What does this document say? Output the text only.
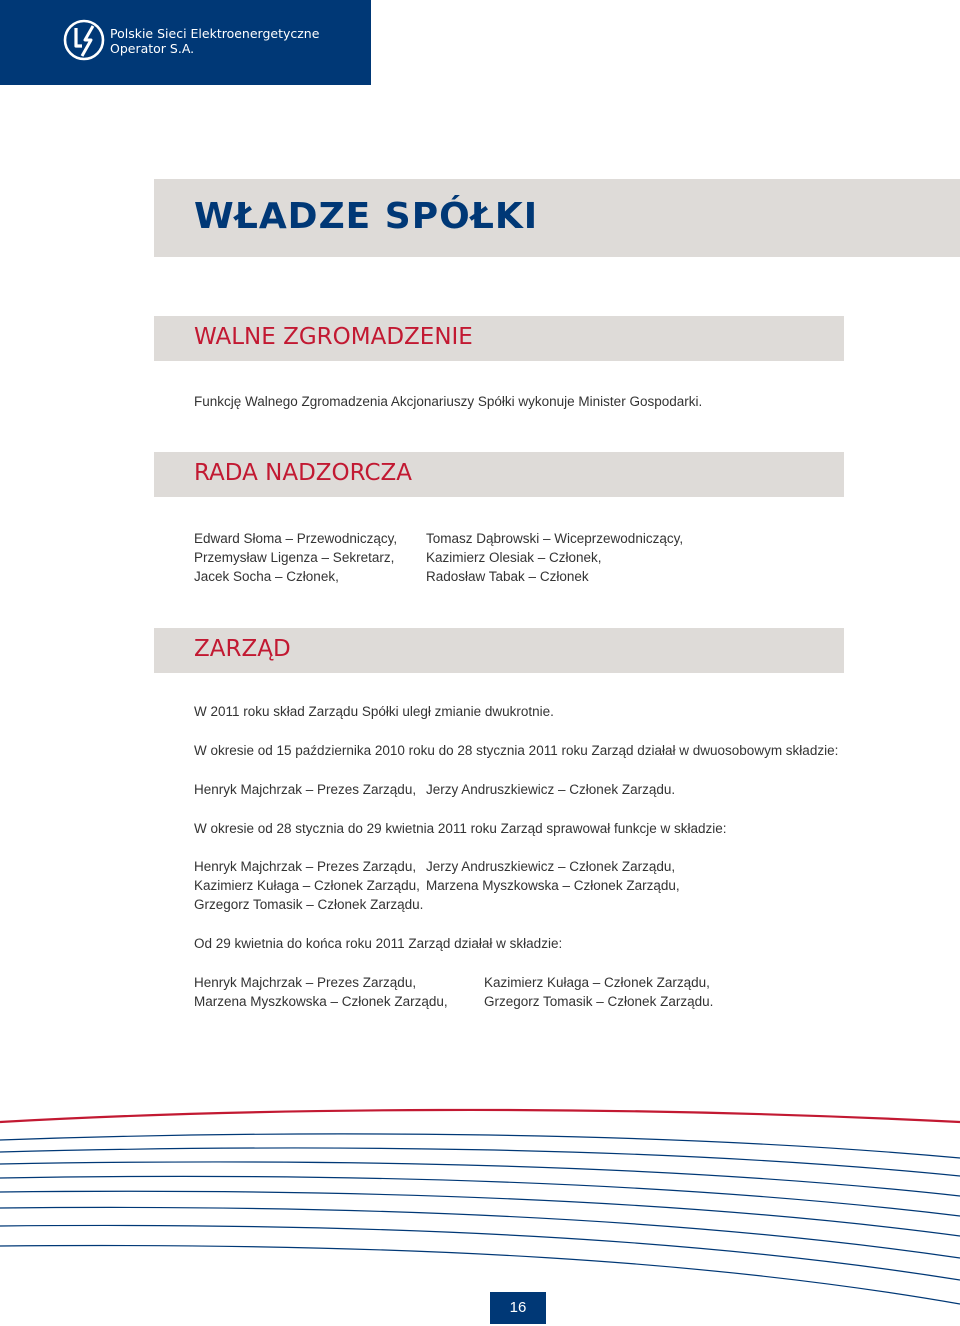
Polskie Sieci Elektroenergetyczne
Operator S.A.
WŁADZE SPÓŁKI
WALNE ZGROMADZENIE

Funkcję Walnego Zgromadzenia Akcjonariuszy Spółki wykonuje Minister Gospodarki.

RADA NADZORCZA
Edward Słoma – Przewodniczący,
Przemysław Ligenza – Sekretarz,
Jacek Socha – Członek,
Tomasz Dąbrowski – Wiceprzewodniczący,
Kazimierz Olesiak – Członek,
Radosław Tabak – Członek
ZARZĄD

W 2011 roku skład Zarządu Spółki uległ zmianie dwukrotnie.

W okresie od 15 października 2010 roku do 28 stycznia 2011 roku Zarząd działał w dwuosobowym składzie:

Henryk Majchrzak – Prezes Zarządu, Jerzy Andruszkiewicz – Członek Zarządu.

W okresie od 28 stycznia do 29 kwietnia 2011 roku Zarząd sprawował funkcje w składzie:

Henryk Majchrzak – Prezes Zarządu,
Kazimierz Kułaga – Członek Zarządu,
Grzegorz Tomasik – Członek Zarządu.
Jerzy Andruszkiewicz – Członek Zarządu,
Marzena Myszkowska – Członek Zarządu,

Od 29 kwietnia do końca roku 2011 Zarząd działał w składzie:

Henryk Majchrzak – Prezes Zarządu,
Marzena Myszkowska – Członek Zarządu,
Kazimierz Kułaga – Członek Zarządu,
Grzegorz Tomasik – Członek Zarządu.
16
